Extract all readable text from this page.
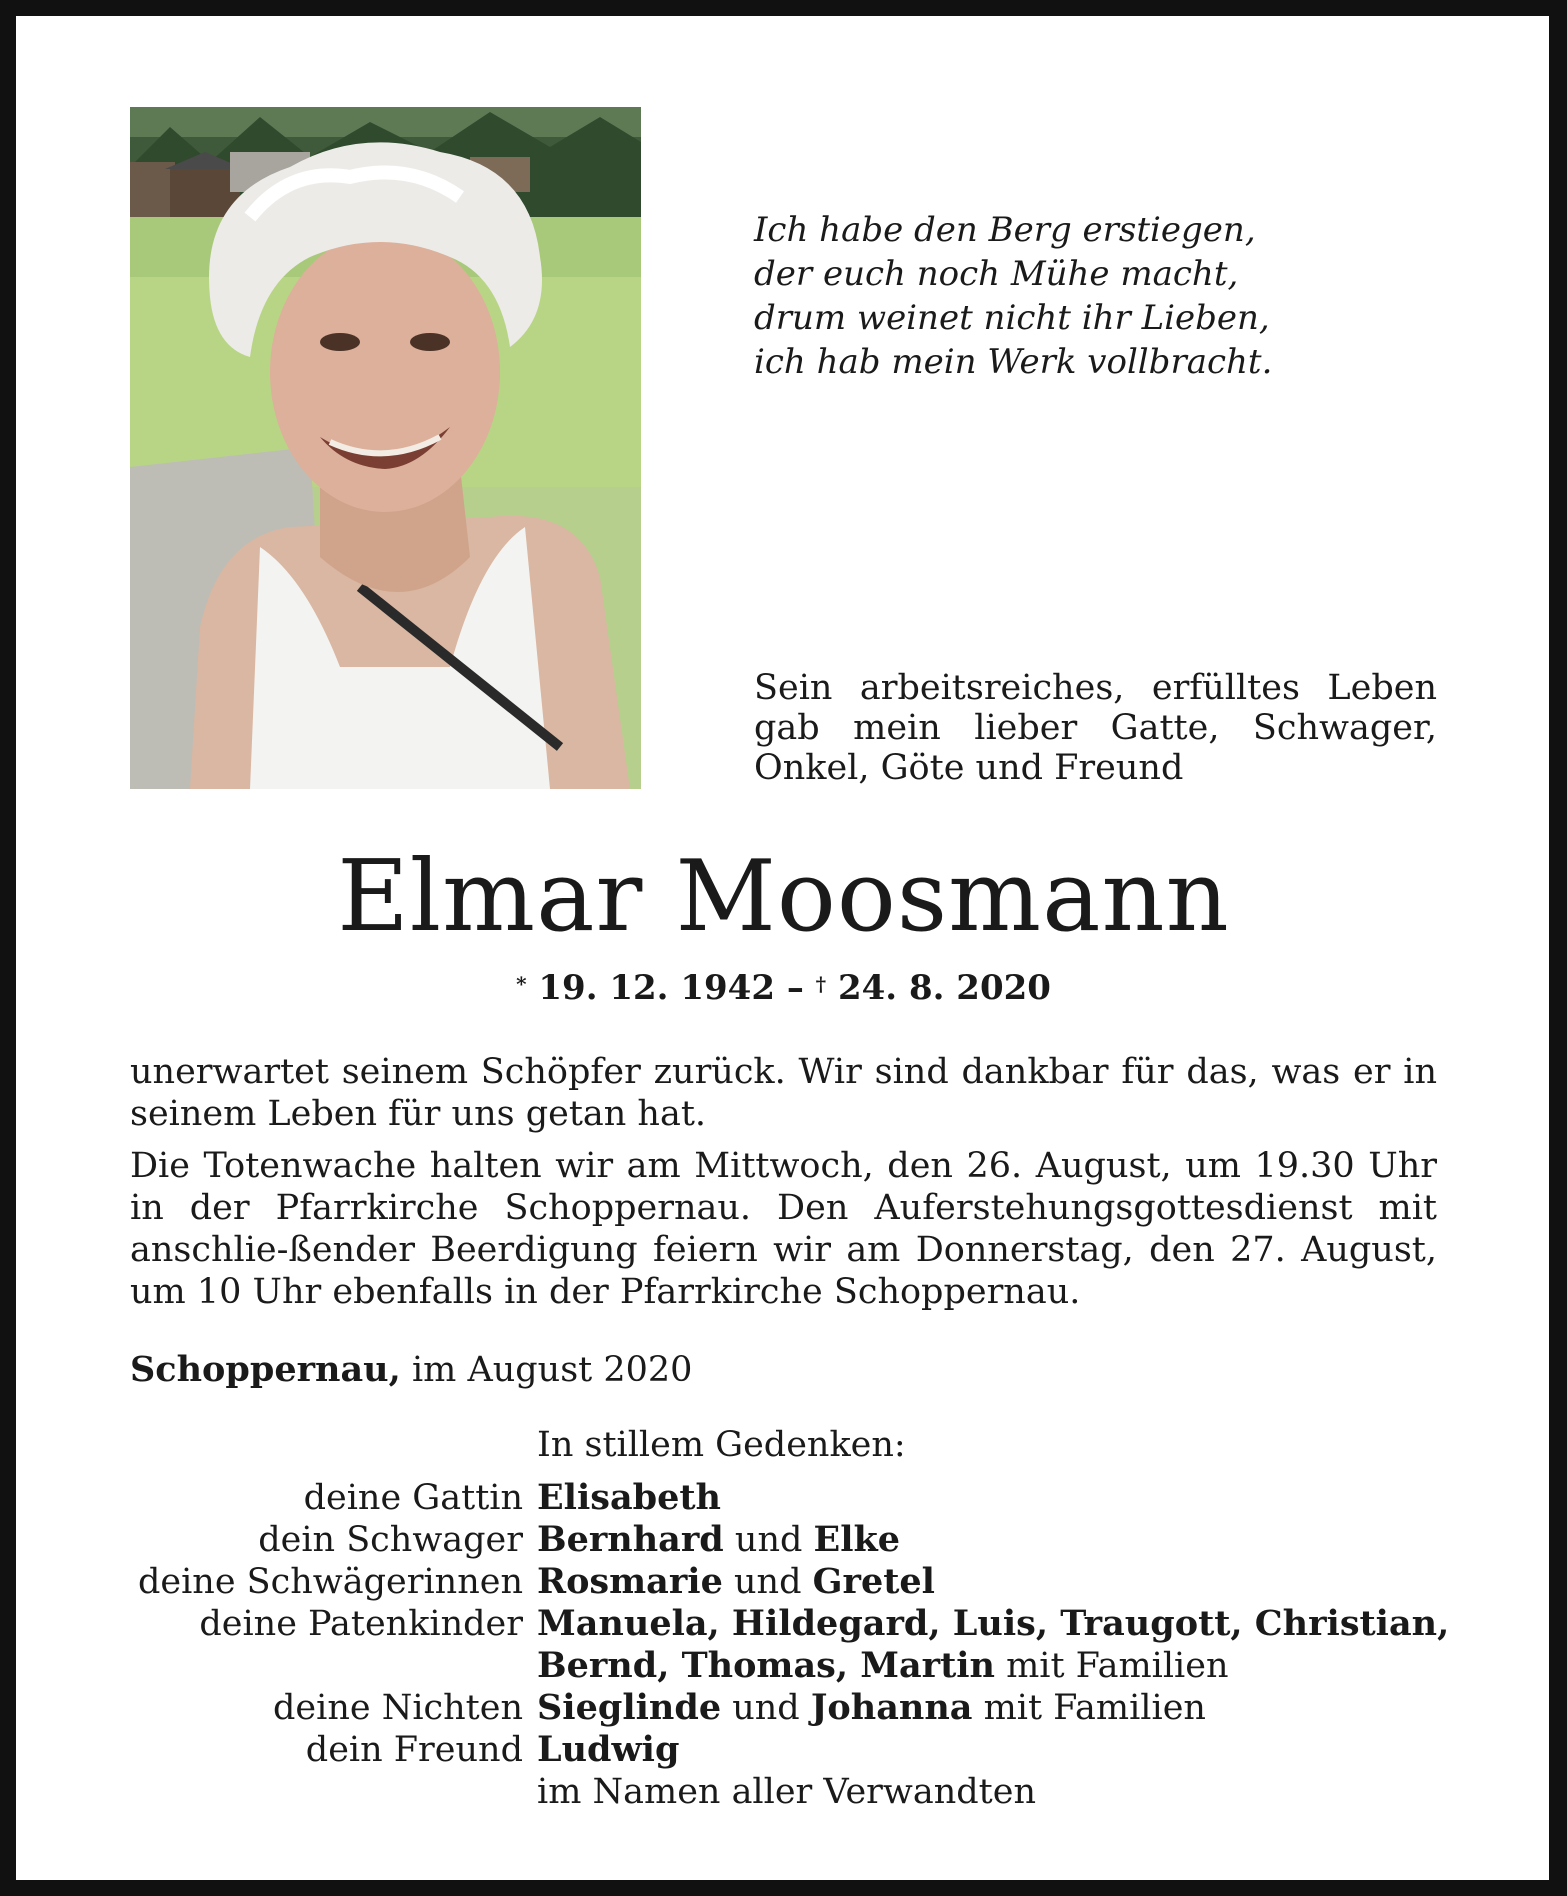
Ich habe den Berg erstiegen,
der euch noch Mühe macht,
drum weinet nicht ihr Lieben,
ich hab mein Werk vollbracht.

Sein arbeitsreiches, erfülltes Leben gab mein lieber Gatte, Schwager, Onkel, Göte und Freund

Elmar Moosmann
* 19. 12. 1942 – † 24. 8. 2020

unerwartet seinem Schöpfer zurück. Wir sind dankbar für das, was er in seinem Leben für uns getan hat.

Die Totenwache halten wir am Mittwoch, den 26. August, um 19.30 Uhr in der Pfarrkirche Schoppernau. Den Auferstehungsgottesdienst mit anschlie-ßender Beerdigung feiern wir am Donnerstag, den 27. August, um 10 Uhr ebenfalls in der Pfarrkirche Schoppernau.

Schoppernau, im August 2020
In stillem Gedenken:
deine Gattin Elisabeth
dein Schwager Bernhard und Elke
deine Schwägerinnen Rosmarie und Gretel
deine Patenkinder Manuela, Hildegard, Luis, Traugott, Christian,
Bernd, Thomas, Martin mit Familien
deine Nichten Sieglinde und Johanna mit Familien
dein Freund Ludwig
im Namen aller Verwandten
